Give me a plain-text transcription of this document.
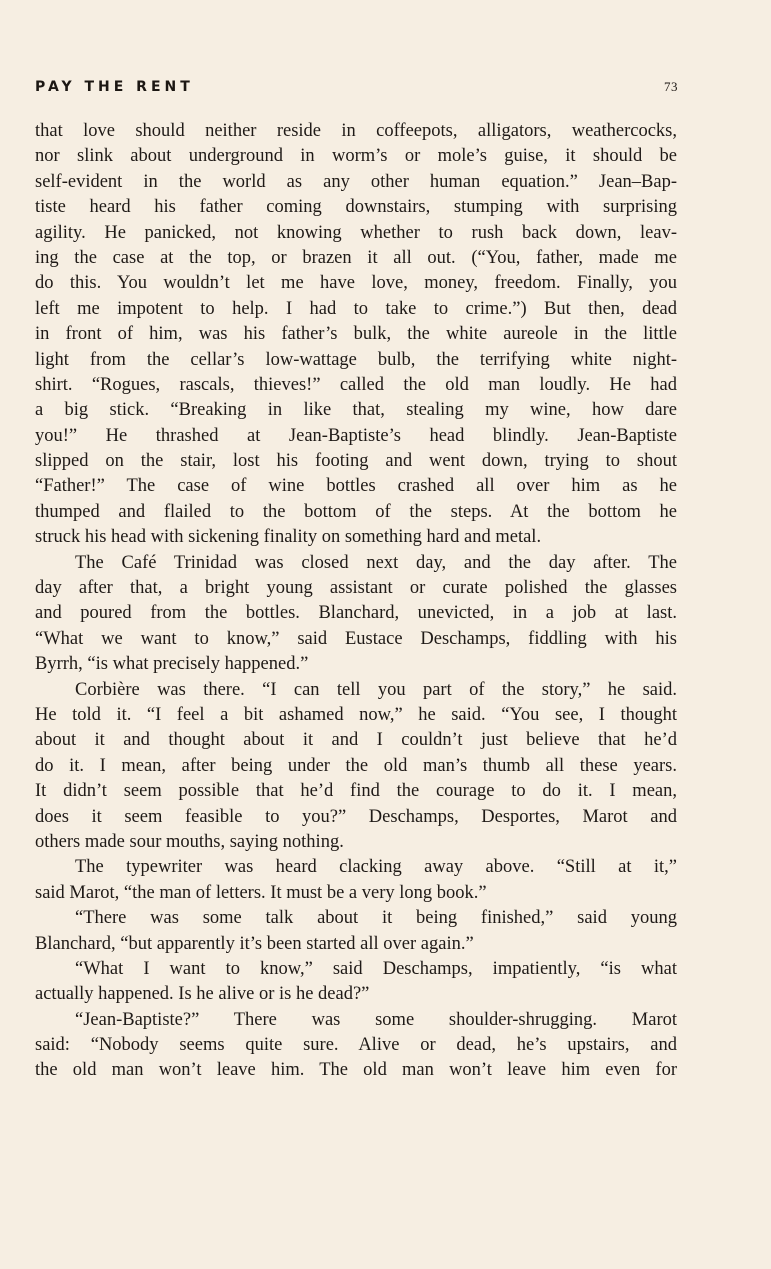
PAY THE RENT	73
that love should neither reside in coffeepots, alligators, weathercocks,
nor slink about underground in worm’s or mole’s guise, it should be
self-evident in the world as any other human equation.” Jean–Bap-
tiste heard his father coming downstairs, stumping with surprising
agility. He panicked, not knowing whether to rush back down, leav-
ing the case at the top, or brazen it all out. (“You, father, made me
do this. You wouldn’t let me have love, money, freedom. Finally, you
left me impotent to help. I had to take to crime.”) But then, dead
in front of him, was his father’s bulk, the white aureole in the little
light from the cellar’s low-wattage bulb, the terrifying white night-
shirt. “Rogues, rascals, thieves!” called the old man loudly. He had
a big stick. “Breaking in like that, stealing my wine, how dare
you!” He thrashed at Jean-Baptiste’s head blindly. Jean-Baptiste
slipped on the stair, lost his footing and went down, trying to shout
“Father!” The case of wine bottles crashed all over him as he
thumped and flailed to the bottom of the steps. At the bottom he
struck his head with sickening finality on something hard and metal.
The Café Trinidad was closed next day, and the day after. The
day after that, a bright young assistant or curate polished the glasses
and poured from the bottles. Blanchard, unevicted, in a job at last.
“What we want to know,” said Eustace Deschamps, fiddling with his
Byrrh, “is what precisely happened.”
Corbière was there. “I can tell you part of the story,” he said.
He told it. “I feel a bit ashamed now,” he said. “You see, I thought
about it and thought about it and I couldn’t just believe that he’d
do it. I mean, after being under the old man’s thumb all these years.
It didn’t seem possible that he’d find the courage to do it. I mean,
does it seem feasible to you?” Deschamps, Desportes, Marot and
others made sour mouths, saying nothing.
The typewriter was heard clacking away above. “Still at it,”
said Marot, “the man of letters. It must be a very long book.”
“There was some talk about it being finished,” said young
Blanchard, “but apparently it’s been started all over again.”
“What I want to know,” said Deschamps, impatiently, “is what
actually happened. Is he alive or is he dead?”
“Jean-Baptiste?” There was some shoulder-shrugging. Marot
said: “Nobody seems quite sure. Alive or dead, he’s upstairs, and
the old man won’t leave him. The old man won’t leave him even for
